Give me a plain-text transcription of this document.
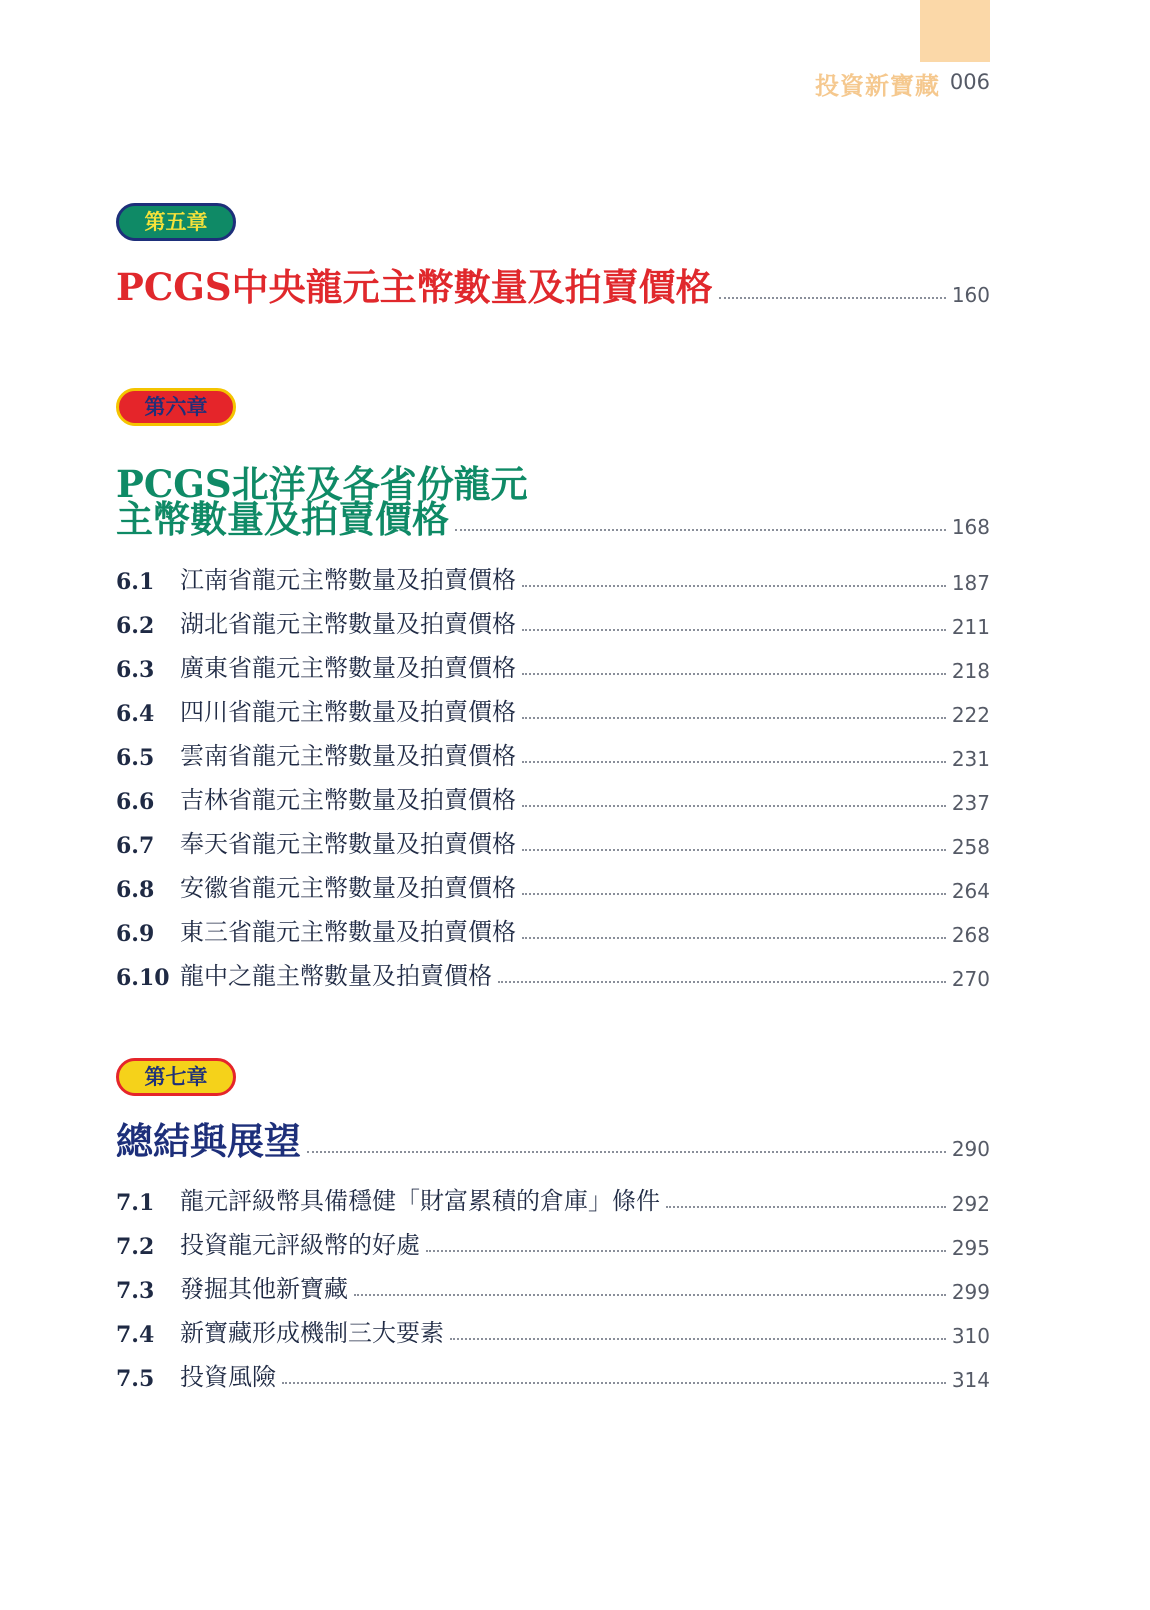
投資新寶藏 006
第五章
PCGS中央龍元主幣數量及拍賣價格	160
第六章
PCGS北洋及各省份龍元
主幣數量及拍賣價格	168
6.1	江南省龍元主幣數量及拍賣價格	187
6.2	湖北省龍元主幣數量及拍賣價格	211
6.3	廣東省龍元主幣數量及拍賣價格	218
6.4	四川省龍元主幣數量及拍賣價格	222
6.5	雲南省龍元主幣數量及拍賣價格	231
6.6	吉林省龍元主幣數量及拍賣價格	237
6.7	奉天省龍元主幣數量及拍賣價格	258
6.8	安徽省龍元主幣數量及拍賣價格	264
6.9	東三省龍元主幣數量及拍賣價格	268
6.10 龍中之龍主幣數量及拍賣價格	270
第七章
總結與展望	290
7.1	龍元評級幣具備穩健「財富累積的倉庫」條件	292
7.2	投資龍元評級幣的好處	295
7.3	發掘其他新寶藏	299
7.4	新寶藏形成機制三大要素	310
7.5	投資風險	314
